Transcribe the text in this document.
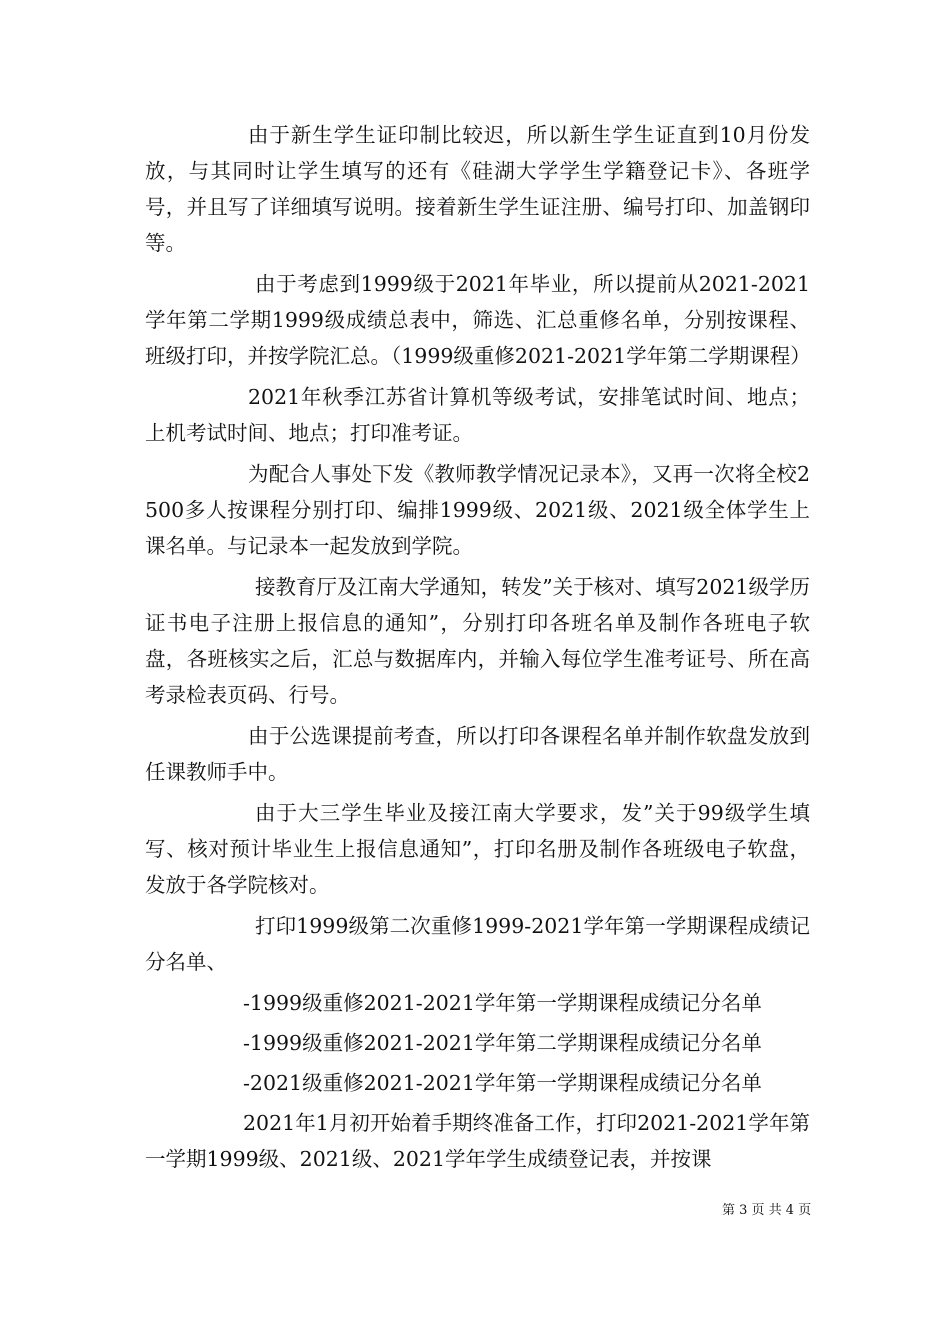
由于新生学生证印制比较迟，所以新生学生证直到10月份发放，与其同时让学生填写的还有《硅湖大学学生学籍登记卡》、各班学号，并且写了详细填写说明。接着新生学生证注册、编号打印、加盖钢印等。

由于考虑到1999级于2021年毕业，所以提前从2021-2021学年第二学期1999级成绩总表中，筛选、汇总重修名单，分别按课程、班级打印，并按学院汇总。（1999级重修2021-2021学年第二学期课程）

2021年秋季江苏省计算机等级考试，安排笔试时间、地点；上机考试时间、地点；打印准考证。

为配合人事处下发《教师教学情况记录本》，又再一次将全校2500多人按课程分别打印、编排1999级、2021级、2021级全体学生上课名单。与记录本一起发放到学院。

接教育厅及江南大学通知，转发”关于核对、填写2021级学历证书电子注册上报信息的通知”，分别打印各班名单及制作各班电子软盘，各班核实之后，汇总与数据库内，并输入每位学生准考证号、所在高考录检表页码、行号。

由于公选课提前考查，所以打印各课程名单并制作软盘发放到任课教师手中。

由于大三学生毕业及接江南大学要求，发”关于99级学生填写、核对预计毕业生上报信息通知”，打印名册及制作各班级电子软盘，发放于各学院核对。

打印1999级第二次重修1999-2021学年第一学期课程成绩记分名单、

-1999级重修2021-2021学年第一学期课程成绩记分名单
-1999级重修2021-2021学年第二学期课程成绩记分名单
-2021级重修2021-2021学年第一学期课程成绩记分名单

2021年1月初开始着手期终准备工作，打印2021-2021学年第一学期1999级、2021级、2021学年学生成绩登记表，并按课

第 3 页 共 4 页
